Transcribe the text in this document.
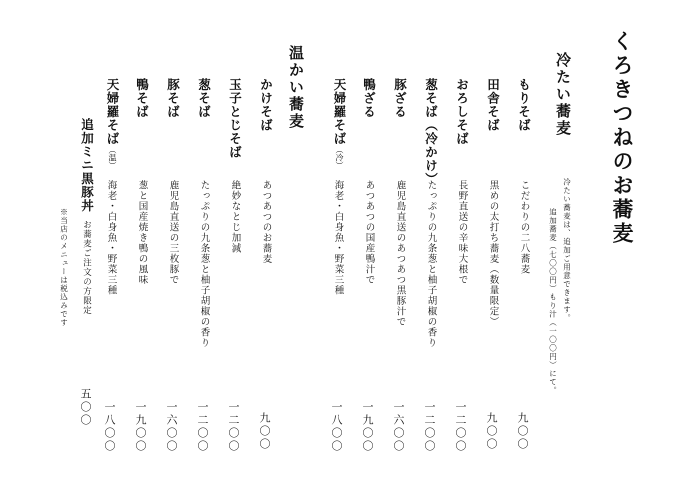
くろきつねのお蕎麦
冷たい蕎麦は、追加ご用意できます。
追加蕎麦（七〇〇円）もり汁（一〇〇円）にて。
冷たい蕎麦
もりそば
こだわりの二八蕎麦
九〇〇
田舎そば
黒めの太打ち蕎麦（数量限定）
九〇〇
おろしそば
長野直送の辛味大根で
一二〇〇
葱そば（冷かけ）
たっぷりの九条葱と柚子胡椒の香り
一二〇〇
豚ざる
鹿児島直送のあつあつ黒豚汁で
一六〇〇
鴨ざる
あつあつの国産鴨汁で
一九〇〇
天婦羅そば（冷）
海老・白身魚・野菜三種
一八〇〇
温かい蕎麦
かけそば
あつあつのお蕎麦
九〇〇
玉子とじそば
絶妙なとじ加減
一二〇〇
葱そば
たっぷりの九条葱と柚子胡椒の香り
一二〇〇
豚そば
鹿児島直送の三枚豚で
一六〇〇
鴨そば
葱と国産焼き鴨の風味
一九〇〇
天婦羅そば（温）
海老・白身魚・野菜三種
一八〇〇
追加ミニ黒豚丼
お蕎麦ご注文の方限定
五〇〇
※当店のメニューは税込みです
